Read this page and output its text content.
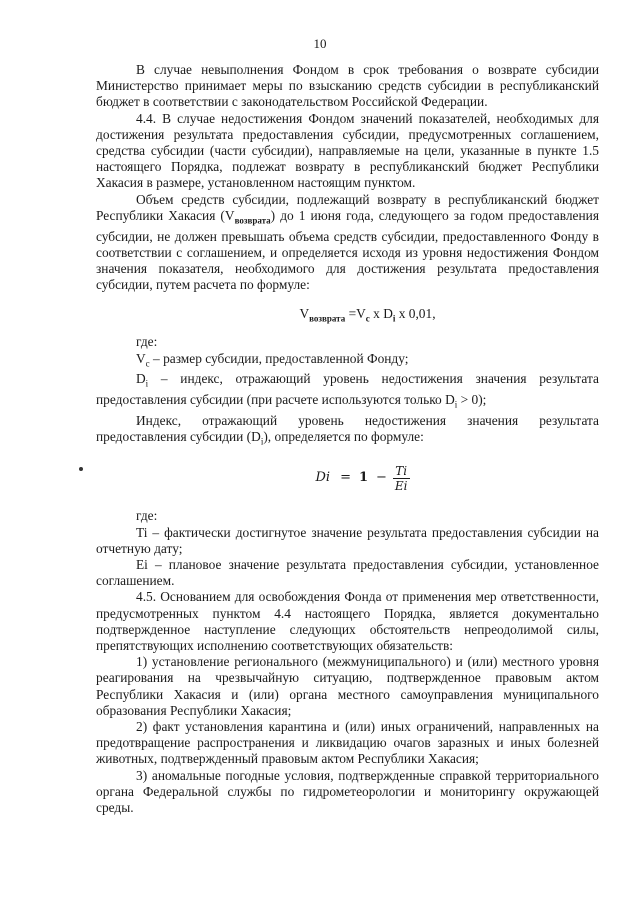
10

В случае невыполнения Фондом в срок требования о возврате субсидии Министерство принимает меры по взысканию средств субсидии в республиканский бюджет в соответствии с законодательством Российской Федерации.

4.4. В случае недостижения Фондом значений показателей, необходимых для достижения результата предоставления субсидии, предусмотренных соглашением, средства субсидии (части субсидии), направляемые на цели, указанные в пункте 1.5 настоящего Порядка, подлежат возврату в республиканский бюджет Республики Хакасия в размере, установленном настоящим пунктом.

Объем средств субсидии, подлежащий возврату в республиканский бюджет Республики Хакасия $(V_{возврата})$ до 1 июня года, следующего за годом предоставления субсидии, не должен превышать объема средств субсидии, предоставленного Фонду в соответствии с соглашением, и определяется исходя из уровня недостижения Фондом значения показателя, необходимого для достижения результата предоставления субсидии, путем расчета по формуле:

$V_{возврата} =V_с$ x $D_i$ x 0,01,

где:

$V_с$ – размер субсидии, предоставленной Фонду;

$D_i$ – индекс, отражающий уровень недостижения значения результата предоставления субсидии (при расчете используются только $D_i > 0$);

Индекс, отражающий уровень недостижения значения результата предоставления субсидии $(D_i)$, определяется по формуле:

$Di = 1 - \frac{Ti}{Ei}$

где:

Ti – фактически достигнутое значение результата предоставления субсидии на отчетную дату;

Ei – плановое значение результата предоставления субсидии, установленное соглашением.

4.5. Основанием для освобождения Фонда от применения мер ответственности, предусмотренных пунктом 4.4 настоящего Порядка, является документально подтвержденное наступление следующих обстоятельств непреодолимой силы, препятствующих исполнению соответствующих обязательств:

1) установление регионального (межмуниципального) и (или) местного уровня реагирования на чрезвычайную ситуацию, подтвержденное правовым актом Республики Хакасия и (или) органа местного самоуправления муниципального образования Республики Хакасия;

2) факт установления карантина и (или) иных ограничений, направленных на предотвращение распространения и ликвидацию очагов заразных и иных болезней животных, подтвержденный правовым актом Республики Хакасия;

3) аномальные погодные условия, подтвержденные справкой территориального органа Федеральной службы по гидрометеорологии и мониторингу окружающей среды.
